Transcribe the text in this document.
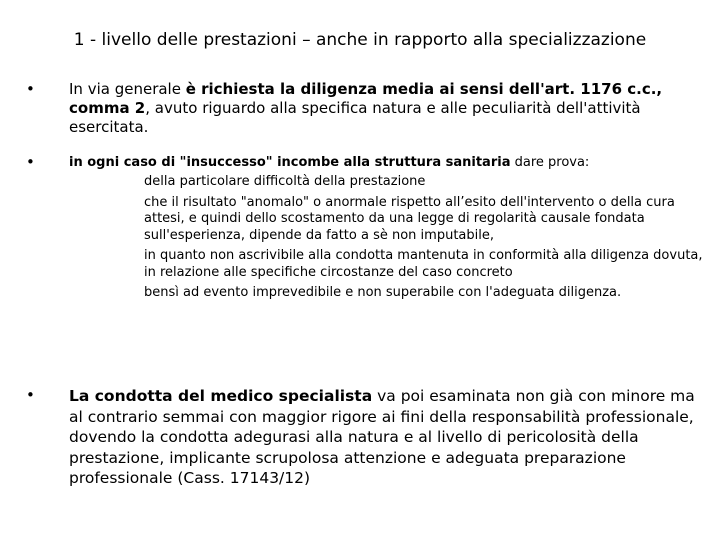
1 - livello delle prestazioni – anche in rapporto alla specializzazione
• In via generale è richiesta la diligenza media ai sensi dell'art. 1176 c.c., comma 2, avuto riguardo alla specifica natura e alle peculiarità dell'attività esercitata.
•	in ogni caso di "insuccesso" incombe alla struttura sanitaria dare prova:
della particolare difficoltà della prestazione
che il risultato "anomalo" o anormale rispetto all’esito dell'intervento o della cura attesi, e quindi dello scostamento da una legge di regolarità causale fondata sull'esperienza, dipende da fatto a sè non imputabile,
in quanto non ascrivibile alla condotta mantenuta in conformità alla diligenza dovuta, in relazione alle specifiche circostanze del caso concreto
bensì ad evento imprevedibile e non superabile con l'adeguata diligenza.
• La condotta del medico specialista va poi esaminata non già con minore ma al contrario semmai con maggior rigore ai fini della responsabilità professionale, dovendo la condotta adegurasi alla natura e al livello di pericolosità della prestazione, implicante scrupolosa attenzione e adeguata preparazione professionale (Cass. 17143/12)
